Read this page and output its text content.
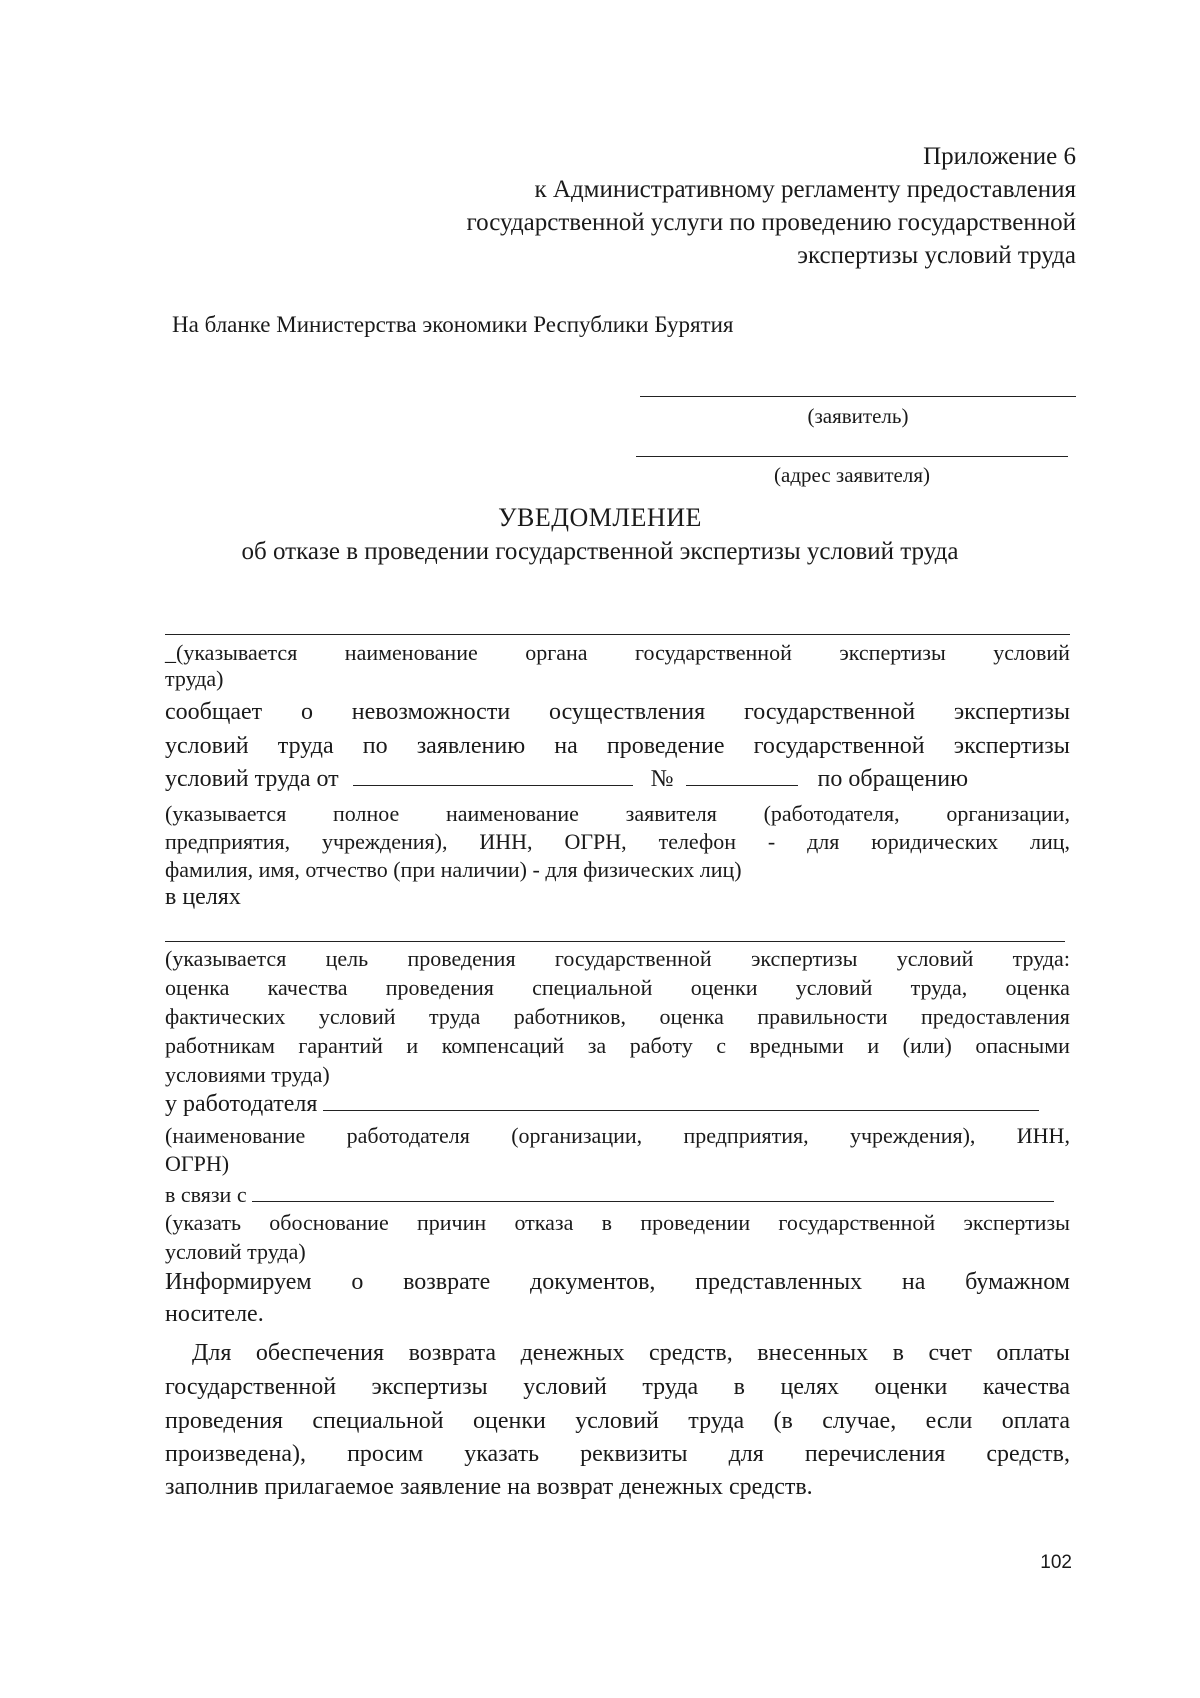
Приложение 6
к Административному регламенту предоставления
государственной услуги по проведению государственной
экспертизы условий труда
На бланке Министерства экономики Республики Бурятия
(заявитель)
(адрес заявителя)
УВЕДОМЛЕНИЕ
об отказе в проведении государственной экспертизы условий труда
_(указывается наименование органа государственной экспертизы условий
труда)
сообщает о невозможности осуществления государственной экспертизы
условий труда по заявлению на проведение государственной экспертизы
условий труда от	№	по обращению
(указывается полное наименование заявителя (работодателя, организации,
предприятия, учреждения), ИНН, ОГРН, телефон - для юридических лиц,
фамилия, имя, отчество (при наличии) - для физических лиц)
в целях
(указывается цель проведения государственной экспертизы условий труда:
оценка качества проведения специальной оценки условий труда, оценка
фактических условий труда работников, оценка правильности предоставления
работникам гарантий и компенсаций за работу с вредными и (или) опасными
условиями труда)
у работодателя
(наименование работодателя (организации, предприятия, учреждения), ИНН,
ОГРН)
в связи с
(указать обоснование причин отказа в проведении государственной экспертизы
условий труда)
Информируем о возврате документов, представленных на бумажном
носителе.
Для обеспечения возврата денежных средств, внесенных в счет оплаты
государственной экспертизы условий труда в целях оценки качества
проведения специальной оценки условий труда (в случае, если оплата
произведена), просим указать реквизиты для перечисления средств,
заполнив прилагаемое заявление на возврат денежных средств.
102
